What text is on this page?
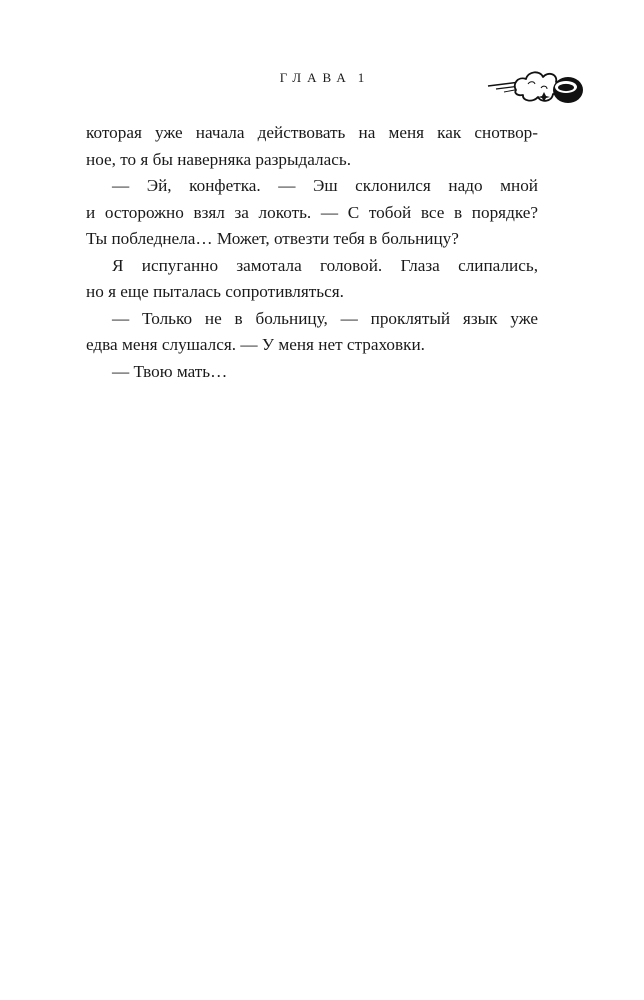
ГЛАВА 1

которая уже начала действовать на меня как снотвор-

ное, то я бы наверняка разрыдалась.

— Эй, конфетка. — Эш склонился надо мной

и осторожно взял за локоть. — С тобой все в порядке?

Ты побледнела… Может, отвезти тебя в больницу?

Я испуганно замотала головой. Глаза слипались,

но я еще пыталась сопротивляться.

— Только не в больницу, — проклятый язык уже

едва меня слушался. — У меня нет страховки.

— Твою мать…
